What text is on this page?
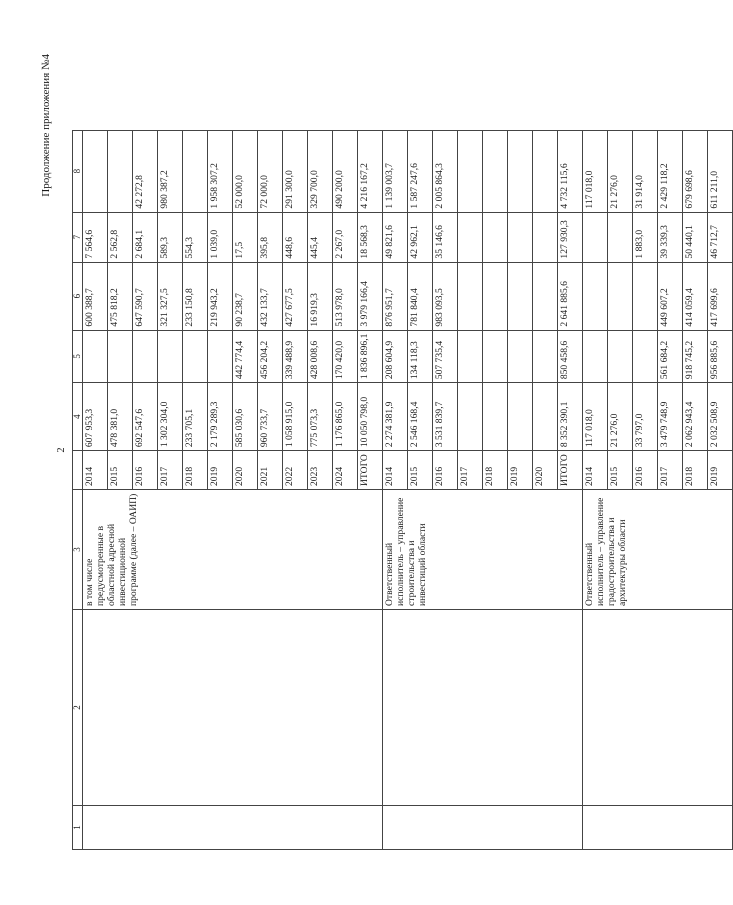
2
Продолжение приложения №4
1	2	3		4	5	6	7	8
		в том числе предусмотренные в областной адресной инвестиционной программе (далее – ОАИП)	2014	607 953,3		600 388,7	7 564,6	
			2015	478 381,0		475 818,2	2 562,8	
			2016	692 547,6		647 590,7	2 684,1	42 272,8
			2017	1 302 304,0		321 327,5	589,3	980 387,2
			2018	233 705,1		233 150,8	554,3	
			2019	2 179 289,3		219 943,2	1 039,0	1 958 307,2
			2020	585 030,6	442 774,4	90 238,7	17,5	52 000,0
			2021	960 733,7	456 204,2	432 133,7	395,8	72 000,0
			2022	1 058 915,0	339 488,9	427 677,5	448,6	291 300,0
			2023	775 073,3	428 008,6	16 919,3	445,4	329 700,0
			2024	1 176 865,0	170 420,0	513 978,0	2 267,0	490 200,0
			ИТОГО	10 050 798,0	1 836 896,1	3 979 166,4	18 568,3	4 216 167,2
		Ответственный исполнитель – управление строительства и инвестиций области	2014	2 274 381,9	208 604,9	876 951,7	49 821,6	1 139 003,7
			2015	2 546 168,4	134 118,3	781 840,4	42 962,1	1 587 247,6
			2016	3 531 839,7	507 735,4	983 093,5	35 146,6	2 005 864,3
			2017					
			2018					
			2019					
			2020					
			ИТОГО	8 352 390,1	850 458,6	2 641 885,6	127 930,3	4 732 115,6
		Ответственный исполнитель – управление градостроительства и архитектуры области	2014	117 018,0				117 018,0
			2015	21 276,0				21 276,0
			2016	33 797,0			1 883,0	31 914,0
			2017	3 479 748,9	561 684,2	449 607,2	39 339,3	2 429 118,2
			2018	2 062 943,4	918 745,2	414 059,4	50 440,1	679 698,6
			2019	2 032 508,9	956 885,6	417 699,6	46 712,7	611 211,0
